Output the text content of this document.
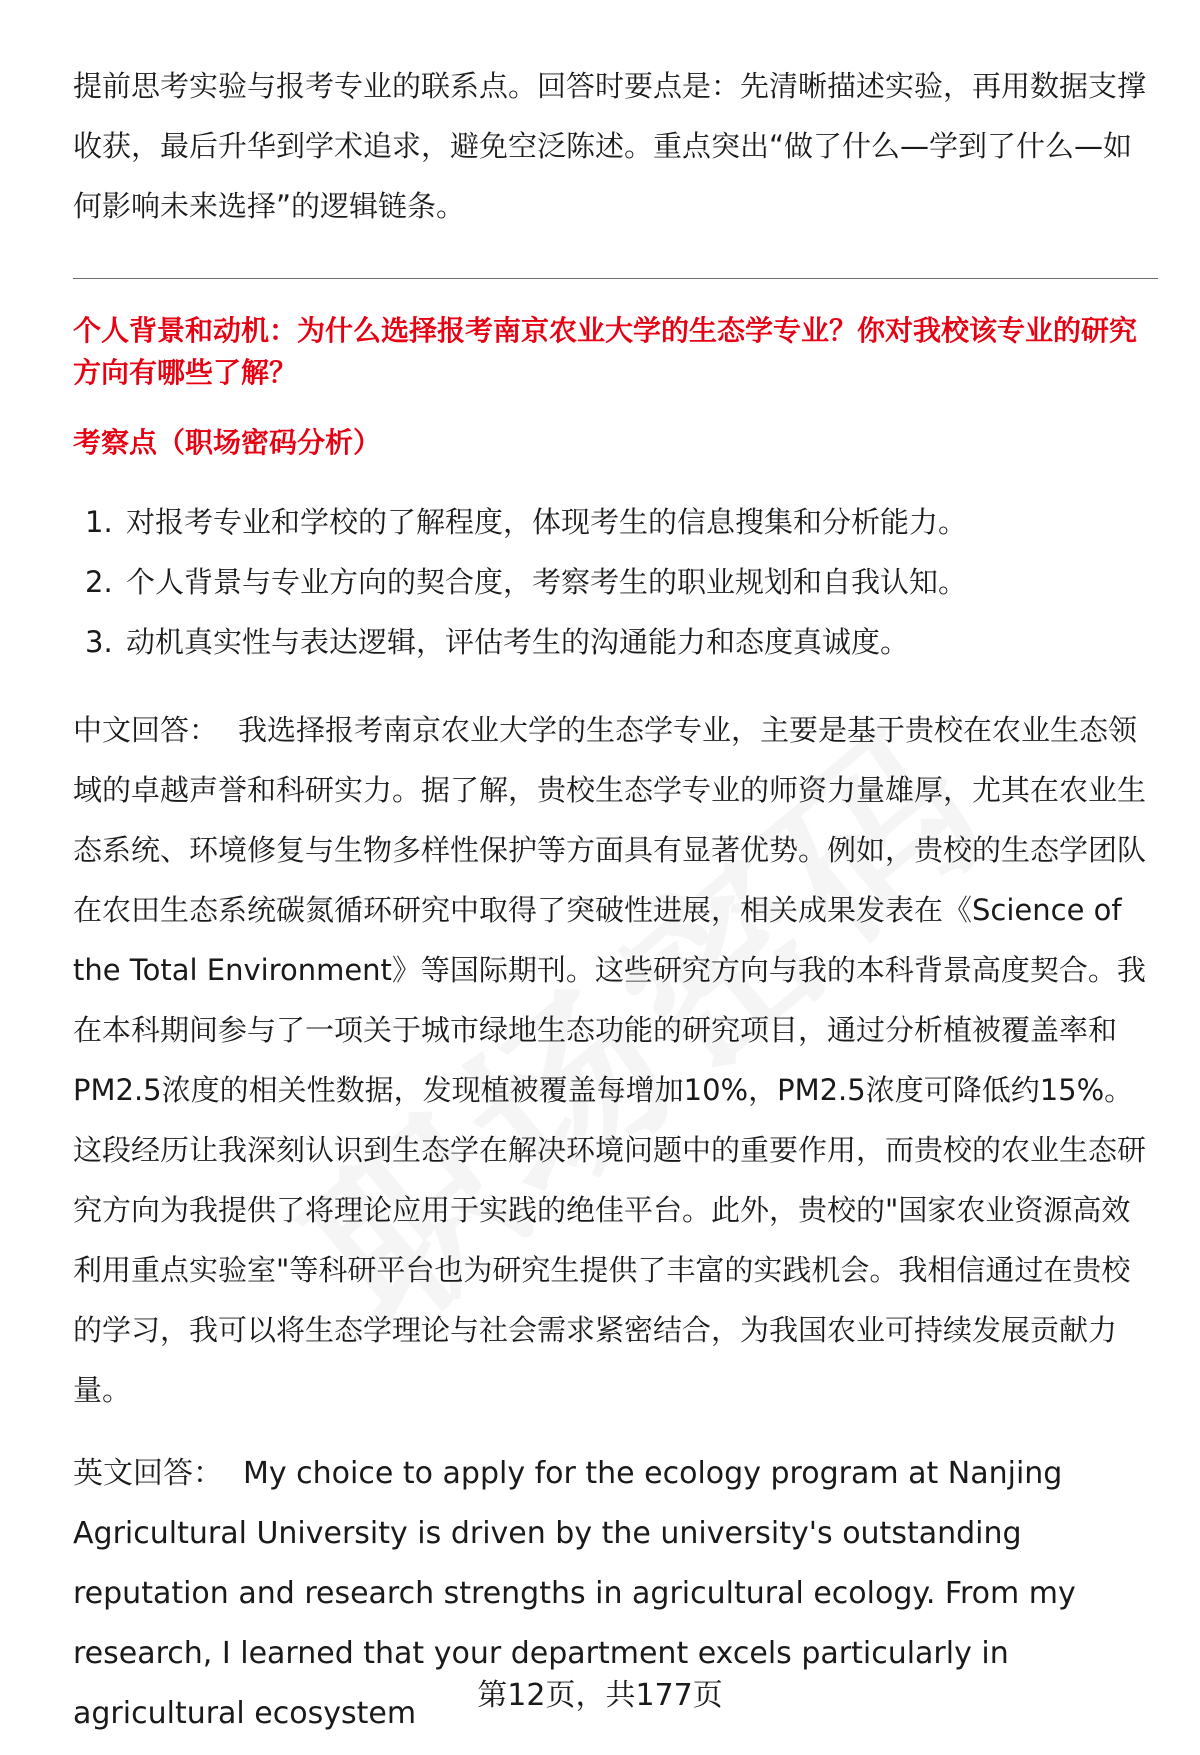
提前思考实验与报考专业的联系点。回答时要点是：先清晰描述实验，再用数据支撑收获，最后升华到学术追求，避免空泛陈述。重点突出“做了什么—学到了什么—如何影响未来选择”的逻辑链条。

个人背景和动机：为什么选择报考南京农业大学的生态学专业？你对我校该专业的研究方向有哪些了解？

考察点（职场密码分析）

1. 对报考专业和学校的了解程度，体现考生的信息搜集和分析能力。
2. 个人背景与专业方向的契合度，考察考生的职业规划和自我认知。
3. 动机真实性与表达逻辑，评估考生的沟通能力和态度真诚度。

中文回答： 我选择报考南京农业大学的生态学专业，主要是基于贵校在农业生态领域的卓越声誉和科研实力。据了解，贵校生态学专业的师资力量雄厚，尤其在农业生态系统、环境修复与生物多样性保护等方面具有显著优势。例如，贵校的生态学团队在农田生态系统碳氮循环研究中取得了突破性进展，相关成果发表在《Science of the Total Environment》等国际期刊。这些研究方向与我的本科背景高度契合。我在本科期间参与了一项关于城市绿地生态功能的研究项目，通过分析植被覆盖率和PM2.5浓度的相关性数据，发现植被覆盖每增加10%，PM2.5浓度可降低约15%。这段经历让我深刻认识到生态学在解决环境问题中的重要作用，而贵校的农业生态研究方向为我提供了将理论应用于实践的绝佳平台。此外，贵校的"国家农业资源高效利用重点实验室"等科研平台也为研究生提供了丰富的实践机会。我相信通过在贵校的学习，我可以将生态学理论与社会需求紧密结合，为我国农业可持续发展贡献力量。

英文回答： My choice to apply for the ecology program at Nanjing Agricultural University is driven by the university's outstanding reputation and research strengths in agricultural ecology. From my research, I learned that your department excels particularly in agricultural ecosystem

第12页，共177页
